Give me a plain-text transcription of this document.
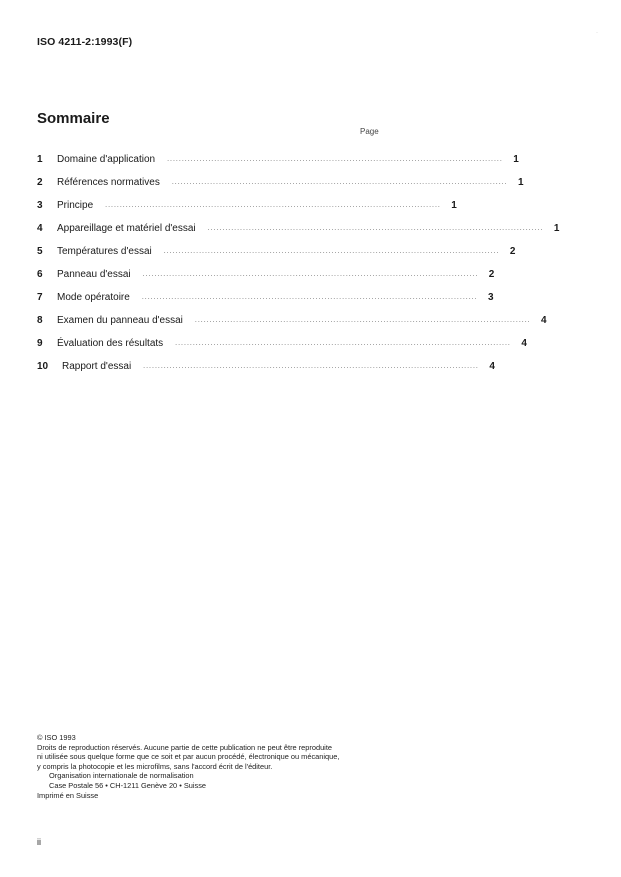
ISO 4211-2:1993(F)
·
Sommaire
Page
1	Domaine d'application	.................................................................................................................. 1
2	Références normatives	.................................................................................................................. 1
3	Principe	.................................................................................................................. 1
4	Appareillage et matériel d'essai	.................................................................................................................. 1
5	Températures d'essai	.................................................................................................................. 2
6	Panneau d'essai	.................................................................................................................. 2
7	Mode opératoire	.................................................................................................................. 3
8	Examen du panneau d'essai	.................................................................................................................. 4
9	Évaluation des résultats	.................................................................................................................. 4
10	Rapport d'essai	.................................................................................................................. 4
© ISO 1993
Droits de reproduction réservés. Aucune partie de cette publication ne peut être reproduite
ni utilisée sous quelque forme que ce soit et par aucun procédé, électronique ou mécanique,
y compris la photocopie et les microfilms, sans l'accord écrit de l'éditeur.
Organisation internationale de normalisation
Case Postale 56 • CH-1211 Genève 20 • Suisse
Imprimé en Suisse
ii
